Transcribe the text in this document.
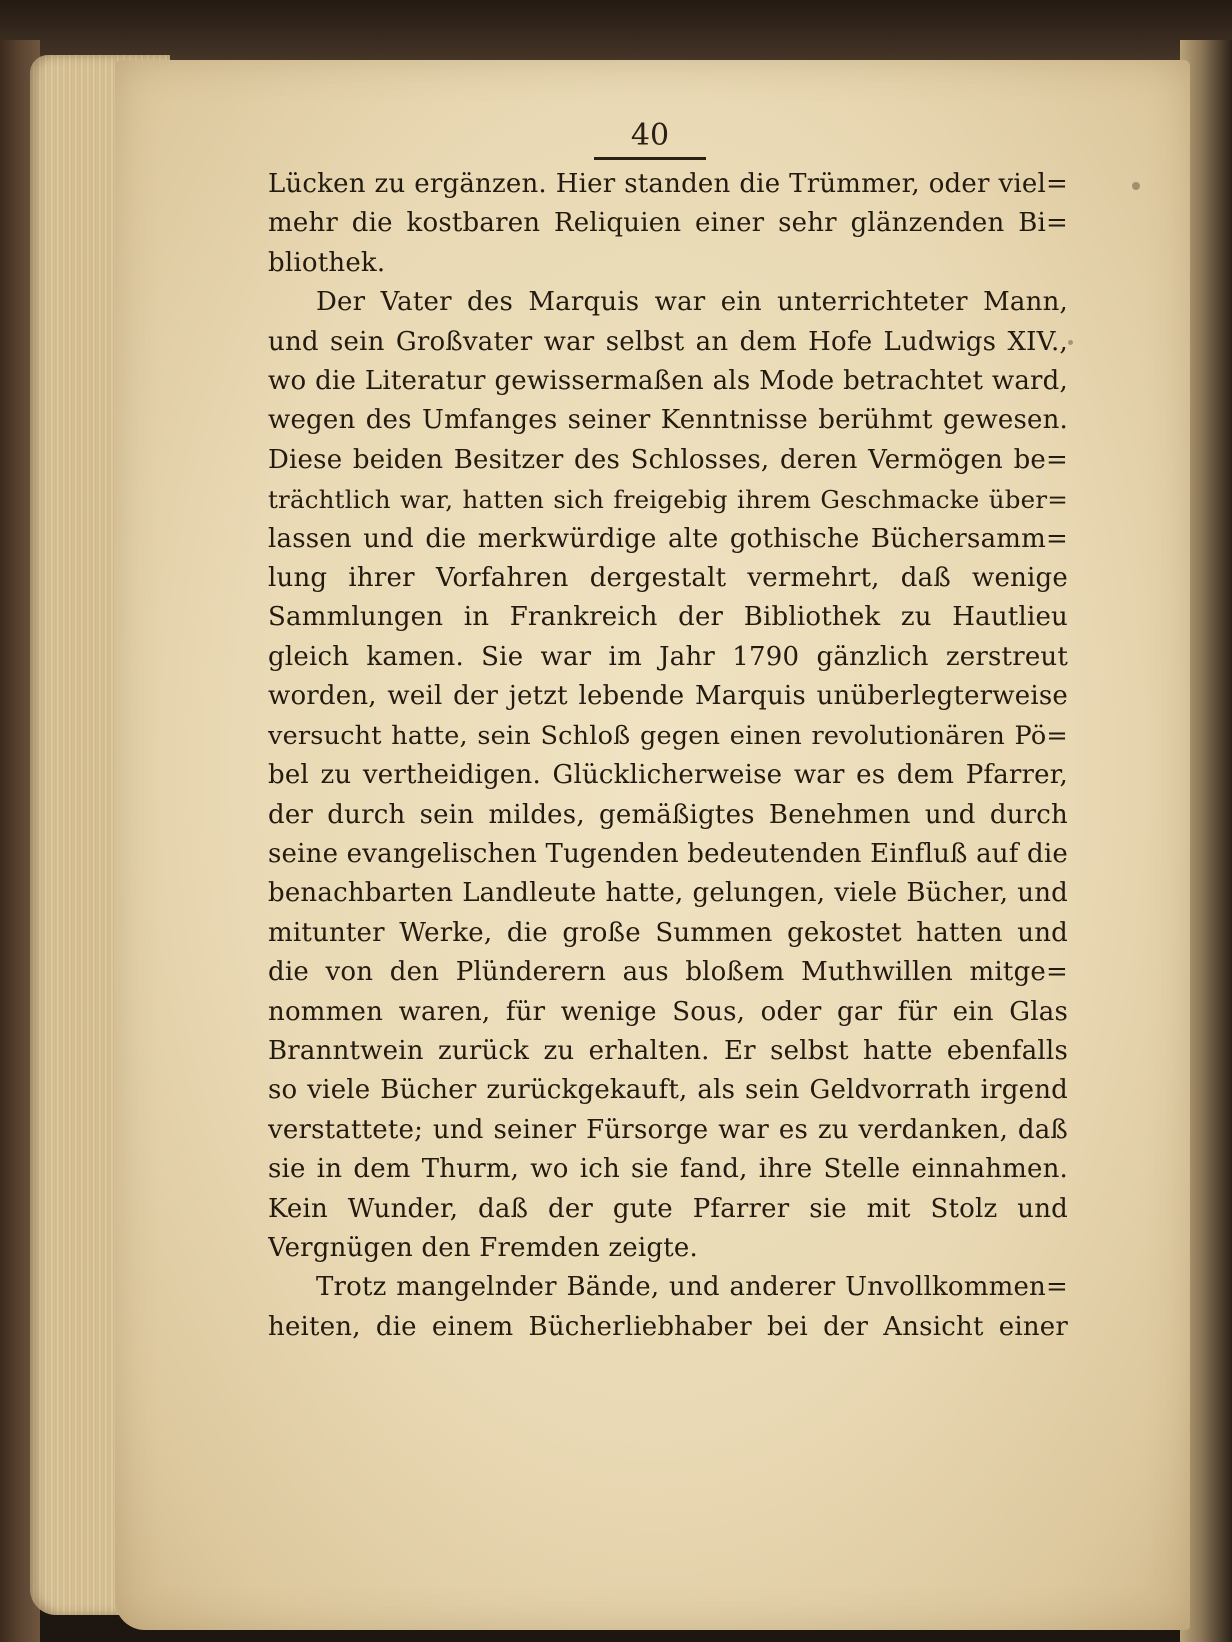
40
Lücken zu ergänzen. Hier standen die Trümmer, oder viel=
mehr die kostbaren Reliquien einer sehr glänzenden Bi=
bliothek.
Der Vater des Marquis war ein unterrichteter Mann,
und sein Großvater war selbst an dem Hofe Ludwigs XIV.,
wo die Literatur gewissermaßen als Mode betrachtet ward,
wegen des Umfanges seiner Kenntnisse berühmt gewesen.
Diese beiden Besitzer des Schlosses, deren Vermögen be=
trächtlich war, hatten sich freigebig ihrem Geschmacke über=
lassen und die merkwürdige alte gothische Büchersamm=
lung ihrer Vorfahren dergestalt vermehrt, daß wenige
Sammlungen in Frankreich der Bibliothek zu Hautlieu
gleich kamen. Sie war im Jahr 1790 gänzlich zerstreut
worden, weil der jetzt lebende Marquis unüberlegterweise
versucht hatte, sein Schloß gegen einen revolutionären Pö=
bel zu vertheidigen. Glücklicherweise war es dem Pfarrer,
der durch sein mildes, gemäßigtes Benehmen und durch
seine evangelischen Tugenden bedeutenden Einfluß auf die
benachbarten Landleute hatte, gelungen, viele Bücher, und
mitunter Werke, die große Summen gekostet hatten und
die von den Plünderern aus bloßem Muthwillen mitge=
nommen waren, für wenige Sous, oder gar für ein Glas
Branntwein zurück zu erhalten. Er selbst hatte ebenfalls
so viele Bücher zurückgekauft, als sein Geldvorrath irgend
verstattete; und seiner Fürsorge war es zu verdanken, daß
sie in dem Thurm, wo ich sie fand, ihre Stelle einnahmen.
Kein Wunder, daß der gute Pfarrer sie mit Stolz und
Vergnügen den Fremden zeigte.
Trotz mangelnder Bände, und anderer Unvollkommen=
heiten, die einem Bücherliebhaber bei der Ansicht einer
